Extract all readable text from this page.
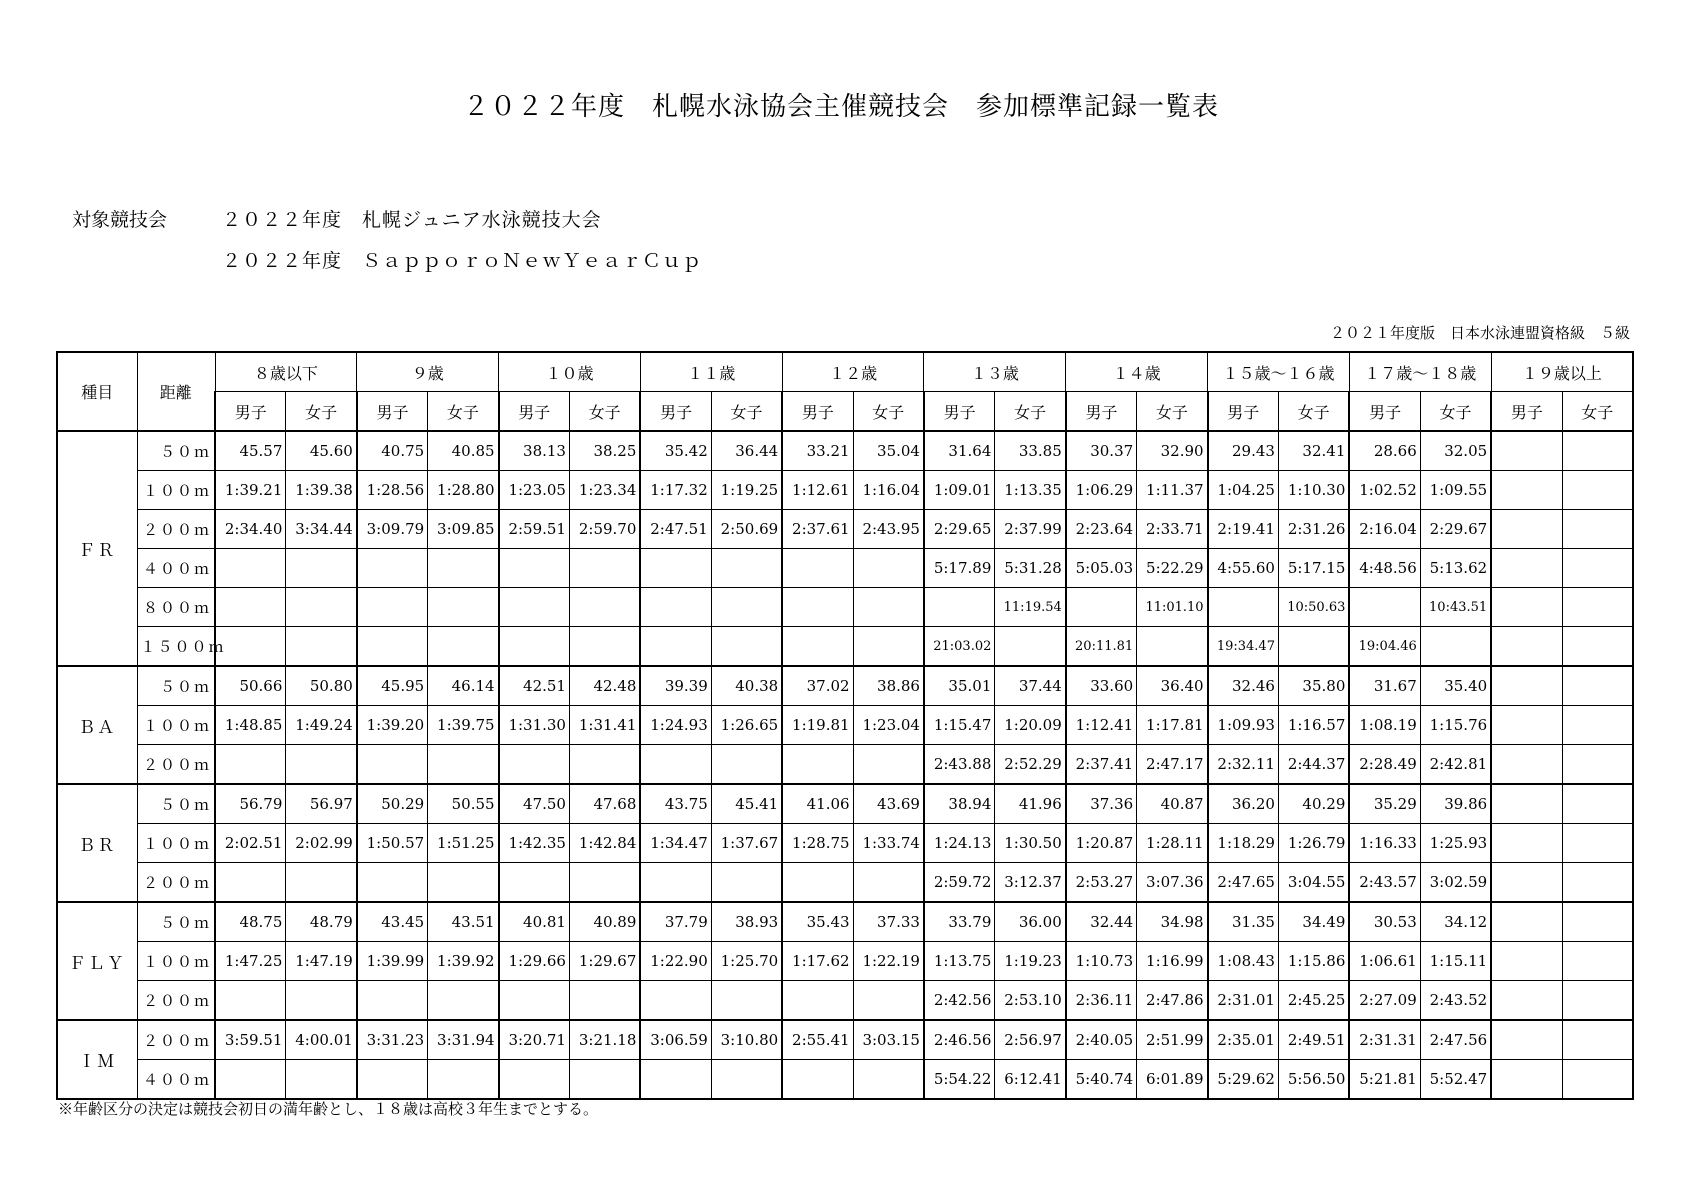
２０２２年度　札幌水泳協会主催競技会　参加標準記録一覧表
対象競技会	２０２２年度　札幌ジュニア水泳競技大会
２０２２年度　ＳａｐｐｏｒｏＮｅｗＹｅａｒＣｕｐ
２０２１年度版　日本水泳連盟資格級　５級
種目	距離	８歳以下		９歳		１０歳		１１歳		１２歳		１３歳		１４歳		１５歳～１６歳		１７歳～１８歳		１９歳以上	
		男子	女子	男子	女子	男子	女子	男子	女子	男子	女子	男子	女子	男子	女子	男子	女子	男子	女子	男子	女子
ＦＲ	５０ｍ	45.57	45.60	40.75	40.85	38.13	38.25	35.42	36.44	33.21	35.04	31.64	33.85	30.37	32.90	29.43	32.41	28.66	32.05		
	１００ｍ	1:39.21	1:39.38	1:28.56	1:28.80	1:23.05	1:23.34	1:17.32	1:19.25	1:12.61	1:16.04	1:09.01	1:13.35	1:06.29	1:11.37	1:04.25	1:10.30	1:02.52	1:09.55		
	２００ｍ	2:34.40	3:34.44	3:09.79	3:09.85	2:59.51	2:59.70	2:47.51	2:50.69	2:37.61	2:43.95	2:29.65	2:37.99	2:23.64	2:33.71	2:19.41	2:31.26	2:16.04	2:29.67		
	４００ｍ											5:17.89	5:31.28	5:05.03	5:22.29	4:55.60	5:17.15	4:48.56	5:13.62		
	８００ｍ												11:19.54		11:01.10		10:50.63		10:43.51		
	１５００ｍ											21:03.02		20:11.81		19:34.47		19:04.46			
ＢＡ	５０ｍ	50.66	50.80	45.95	46.14	42.51	42.48	39.39	40.38	37.02	38.86	35.01	37.44	33.60	36.40	32.46	35.80	31.67	35.40		
	１００ｍ	1:48.85	1:49.24	1:39.20	1:39.75	1:31.30	1:31.41	1:24.93	1:26.65	1:19.81	1:23.04	1:15.47	1:20.09	1:12.41	1:17.81	1:09.93	1:16.57	1:08.19	1:15.76		
	２００ｍ											2:43.88	2:52.29	2:37.41	2:47.17	2:32.11	2:44.37	2:28.49	2:42.81		
ＢＲ	５０ｍ	56.79	56.97	50.29	50.55	47.50	47.68	43.75	45.41	41.06	43.69	38.94	41.96	37.36	40.87	36.20	40.29	35.29	39.86		
	１００ｍ	2:02.51	2:02.99	1:50.57	1:51.25	1:42.35	1:42.84	1:34.47	1:37.67	1:28.75	1:33.74	1:24.13	1:30.50	1:20.87	1:28.11	1:18.29	1:26.79	1:16.33	1:25.93		
	２００ｍ											2:59.72	3:12.37	2:53.27	3:07.36	2:47.65	3:04.55	2:43.57	3:02.59		
ＦＬＹ	５０ｍ	48.75	48.79	43.45	43.51	40.81	40.89	37.79	38.93	35.43	37.33	33.79	36.00	32.44	34.98	31.35	34.49	30.53	34.12		
	１００ｍ	1:47.25	1:47.19	1:39.99	1:39.92	1:29.66	1:29.67	1:22.90	1:25.70	1:17.62	1:22.19	1:13.75	1:19.23	1:10.73	1:16.99	1:08.43	1:15.86	1:06.61	1:15.11		
	２００ｍ											2:42.56	2:53.10	2:36.11	2:47.86	2:31.01	2:45.25	2:27.09	2:43.52		
ＩＭ	２００ｍ	3:59.51	4:00.01	3:31.23	3:31.94	3:20.71	3:21.18	3:06.59	3:10.80	2:55.41	3:03.15	2:46.56	2:56.97	2:40.05	2:51.99	2:35.01	2:49.51	2:31.31	2:47.56		
	４００ｍ											5:54.22	6:12.41	5:40.74	6:01.89	5:29.62	5:56.50	5:21.81	5:52.47		
※年齢区分の決定は競技会初日の満年齢とし、１８歳は高校３年生までとする。
